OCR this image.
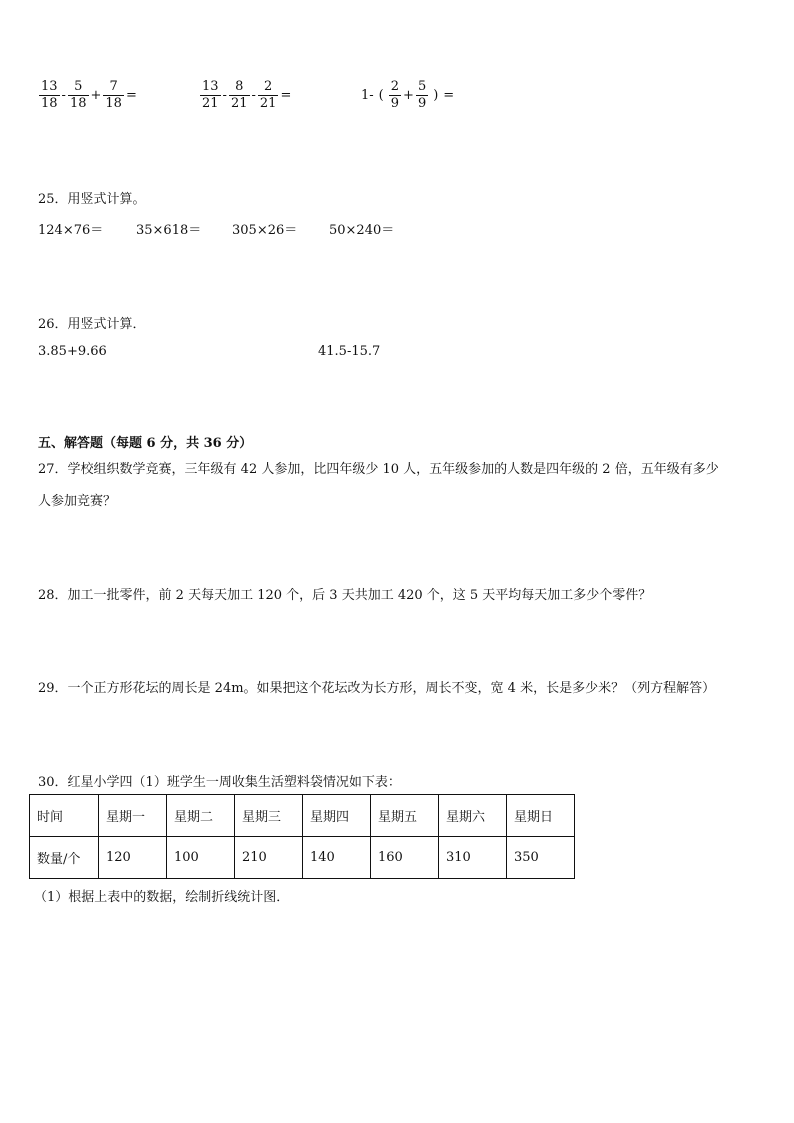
$\frac{13}{18} - \frac{5}{18} + \frac{7}{18}$ =	$\frac{13}{21} - \frac{8}{21} - \frac{2}{21}$ =	1- ( $\frac{2}{9} + \frac{5}{9}$ ) =
25．用竖式计算。
124×76＝	35×618＝ 305×26＝ 50×240＝
26．用竖式计算．
3.85+9.66	41.5-15.7
五、解答题（每题 6 分，共 36 分）
27．学校组织数学竞赛，三年级有 42 人参加，比四年级少 10 人，五年级参加的人数是四年级的 2 倍，五年级有多少
人参加竞赛？
28．加工一批零件，前 2 天每天加工 120 个，后 3 天共加工 420 个，这 5 天平均每天加工多少个零件？
29．一个正方形花坛的周长是 24m。如果把这个花坛改为长方形，周长不变，宽 4 米，长是多少米？（列方程解答）
30．红星小学四（1）班学生一周收集生活塑料袋情况如下表：
时间	星期一	星期二	星期三	星期四	星期五	星期六	星期日
数量/个	120	100	210	140	160	310	350
（1）根据上表中的数据，绘制折线统计图．
